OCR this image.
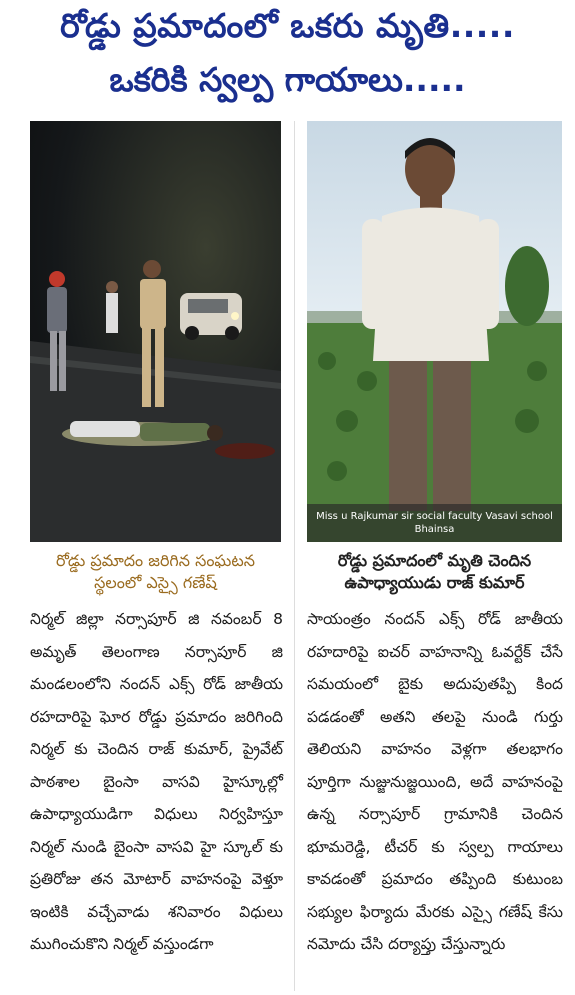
రోడ్డు ప్రమాదంలో ఒకరు మృతి.....
ఒకరికి స్వల్ప గాయాలు.....
Miss u Rajkumar sir social faculty Vasavi school Bhainsa
రోడ్డు ప్రమాదం జరిగిన సంఘటన స్థలంలో ఎస్సై గణేష్
రోడ్డు ప్రమాదంలో మృతి చెందిన ఉపాధ్యాయుడు రాజ్ కుమార్

నిర్మల్ జిల్లా నర్సాపూర్ జి నవంబర్ 8 అమృత్ తెలంగాణ నర్సాపూర్ జి మండలంలోని నందన్ ఎక్స్ రోడ్ జాతీయ రహదారిపై ఘోర రోడ్డు ప్రమాదం జరిగింది నిర్మల్ కు చెందిన రాజ్ కుమార్, ప్రైవేట్ పాఠశాల బైంసా వాసవి హైస్కూల్లో ఉపాధ్యాయుడిగా విధులు నిర్వహిస్తూ నిర్మల్ నుండి బైంసా వాసవి హై స్కూల్ కు ప్రతిరోజు తన మోటార్ వాహనంపై వెళ్తూ ఇంటికి వచ్చేవాడు శనివారం విధులు ముగించుకొని నిర్మల్ వస్తుండగా

సాయంత్రం నందన్ ఎక్స్ రోడ్ జాతీయ రహదారిపై ఐచర్ వాహనాన్ని ఓవర్టేక్ చేసే సమయంలో బైకు అదుపుతప్పి కింద పడడంతో అతని తలపై నుండి గుర్తు తెలియని వాహనం వెళ్లగా తలభాగం పూర్తిగా నుజ్జునుజ్జయింది, అదే వాహనంపై ఉన్న నర్సాపూర్ గ్రామానికి చెందిన భూమరెడ్డి, టీచర్ కు స్వల్ప గాయాలు కావడంతో ప్రమాదం తప్పింది కుటుంబ సభ్యుల ఫిర్యాదు మేరకు ఎస్సై గణేష్ కేసు నమోదు చేసి దర్యాప్తు చేస్తున్నారు
